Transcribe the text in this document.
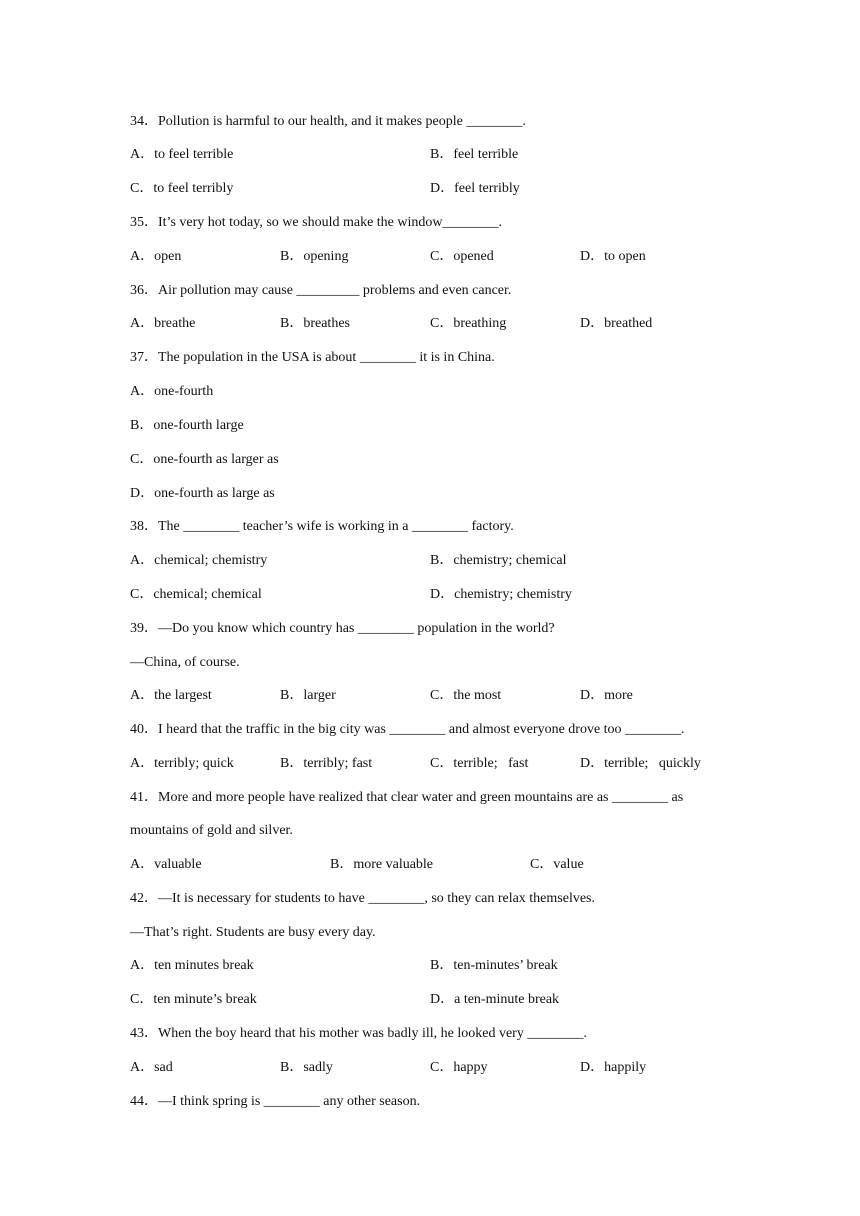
34．Pollution is harmful to our health, and it makes people ________.
A．to feel terrible	B．feel terrible
C．to feel terribly	D．feel terribly
35．It’s very hot today, so we should make the window________.
A．open	B．opening	C．opened	D．to open
36．Air pollution may cause _________ problems and even cancer.
A．breathe	B．breathes	C．breathing	D．breathed
37．The population in the USA is about ________ it is in China.
A．one-fourth
B．one-fourth large
C．one-fourth as larger as
D．one-fourth as large as
38．The ________ teacher’s wife is working in a ________ factory.
A．chemical; chemistry	B．chemistry; chemical
C．chemical; chemical	D．chemistry; chemistry
39．—Do you know which country has ________ population in the world?
—China, of course.
A．the largest	B．larger	C．the most	D．more
40．I heard that the traffic in the big city was ________ and almost everyone drove too ________.
A．terribly; quick	B．terribly; fast	C．terrible;   fast	D．terrible;   quickly
41．More and more people have realized that clear water and green mountains are as ________ as
mountains of gold and silver.
A．valuable	B．more valuable	C．value
42．—It is necessary for students to have ________, so they can relax themselves.
—That’s right. Students are busy every day.
A．ten minutes break	B．ten-minutes’ break
C．ten minute’s break	D．a ten-minute break
43．When the boy heard that his mother was badly ill, he looked very ________.
A．sad	B．sadly	C．happy	D．happily
44．—I think spring is ________ any other season.
